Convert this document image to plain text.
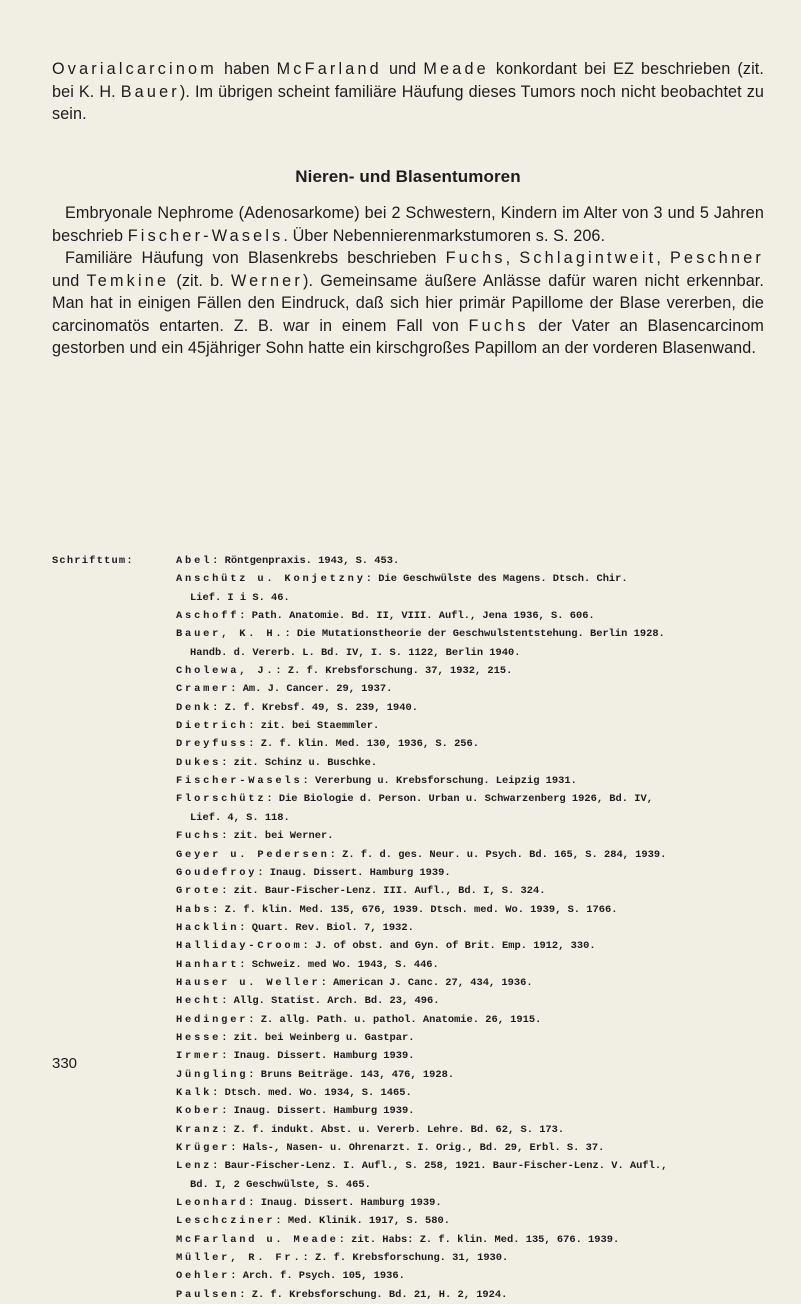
Ovarialcarcinom haben McFarland und Meade konkordant bei EZ beschrieben (zit. bei K. H. Bauer). Im übrigen scheint familiäre Häufung dieses Tumors noch nicht beobachtet zu sein.

Nieren- und Blasentumoren

Embryonale Nephrome (Adenosarkome) bei 2 Schwestern, Kindern im Alter von 3 und 5 Jahren beschrieb Fischer-Wasels. Über Nebennierenmarkstumoren s. S. 206.

Familiäre Häufung von Blasenkrebs beschrieben Fuchs, Schlagintweit, Peschner und Temkine (zit. b. Werner). Gemeinsame äußere Anlässe dafür waren nicht erkennbar. Man hat in einigen Fällen den Eindruck, daß sich hier primär Papillome der Blase vererben, die carcinomatös entarten. Z. B. war in einem Fall von Fuchs der Vater an Blasencarcinom gestorben und ein 45jähriger Sohn hatte ein kirschgroßes Papillom an der vorderen Blasenwand.

Schrifttum:	Abel: Röntgenpraxis. 1943, S. 453.
Anschütz u. Konjetzny: Die Geschwülste des Magens. Dtsch. Chir.
Lief. I i S. 46.
Aschoff: Path. Anatomie. Bd. II, VIII. Aufl., Jena 1936, S. 606.
Bauer, K. H.: Die Mutationstheorie der Geschwulstentstehung. Berlin 1928.
Handb. d. Vererb. L. Bd. IV, I. S. 1122, Berlin 1940.
Cholewa, J.: Z. f. Krebsforschung. 37, 1932, 215.
Cramer: Am. J. Cancer. 29, 1937.
Denk: Z. f. Krebsf. 49, S. 239, 1940.
Dietrich: zit. bei Staemmler.
Dreyfuss: Z. f. klin. Med. 130, 1936, S. 256.
Dukes: zit. Schinz u. Buschke.
Fischer-Wasels: Vererbung u. Krebsforschung. Leipzig 1931.
Florschütz: Die Biologie d. Person. Urban u. Schwarzenberg 1926, Bd. IV,
Lief. 4, S. 118.
Fuchs: zit. bei Werner.
Geyer u. Pedersen: Z. f. d. ges. Neur. u. Psych. Bd. 165, S. 284, 1939.
Goudefroy: Inaug. Dissert. Hamburg 1939.
Grote: zit. Baur-Fischer-Lenz. III. Aufl., Bd. I, S. 324.
Habs: Z. f. klin. Med. 135, 676, 1939. Dtsch. med. Wo. 1939, S. 1766.
Hacklin: Quart. Rev. Biol. 7, 1932.
Halliday-Croom: J. of obst. and Gyn. of Brit. Emp. 1912, 330.
Hanhart: Schweiz. med Wo. 1943, S. 446.
Hauser u. Weller: American J. Canc. 27, 434, 1936.
Hecht: Allg. Statist. Arch. Bd. 23, 496.
Hedinger: Z. allg. Path. u. pathol. Anatomie. 26, 1915.
Hesse: zit. bei Weinberg u. Gastpar.
Irmer: Inaug. Dissert. Hamburg 1939.
Jüngling: Bruns Beiträge. 143, 476, 1928.
Kalk: Dtsch. med. Wo. 1934, S. 1465.
Kober: Inaug. Dissert. Hamburg 1939.
Kranz: Z. f. indukt. Abst. u. Vererb. Lehre. Bd. 62, S. 173.
Krüger: Hals-, Nasen- u. Ohrenarzt. I. Orig., Bd. 29, Erbl. S. 37.
Lenz: Baur-Fischer-Lenz. I. Aufl., S. 258, 1921. Baur-Fischer-Lenz. V. Aufl.,
Bd. I, 2 Geschwülste, S. 465.
Leonhard: Inaug. Dissert. Hamburg 1939.
Leschcziner: Med. Klinik. 1917, S. 580.
McFarland u. Meade: zit. Habs: Z. f. klin. Med. 135, 676. 1939.
Müller, R. Fr.: Z. f. Krebsforschung. 31, 1930.
Oehler: Arch. f. Psych. 105, 1936.
Paulsen: Z. f. Krebsforschung. Bd. 21, H. 2, 1924.
330
